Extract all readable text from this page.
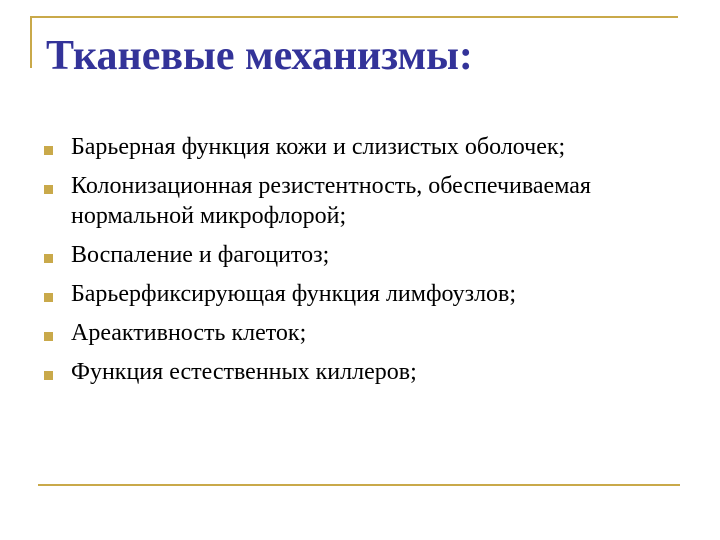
Тканевые механизмы:
Барьерная функция кожи и слизистых оболочек;
Колонизационная резистентность, обеспечиваемая нормальной микрофлорой;
Воспаление и фагоцитоз;
Барьерфиксирующая функция лимфоузлов;
Ареактивность клеток;
Функция естественных киллеров;
